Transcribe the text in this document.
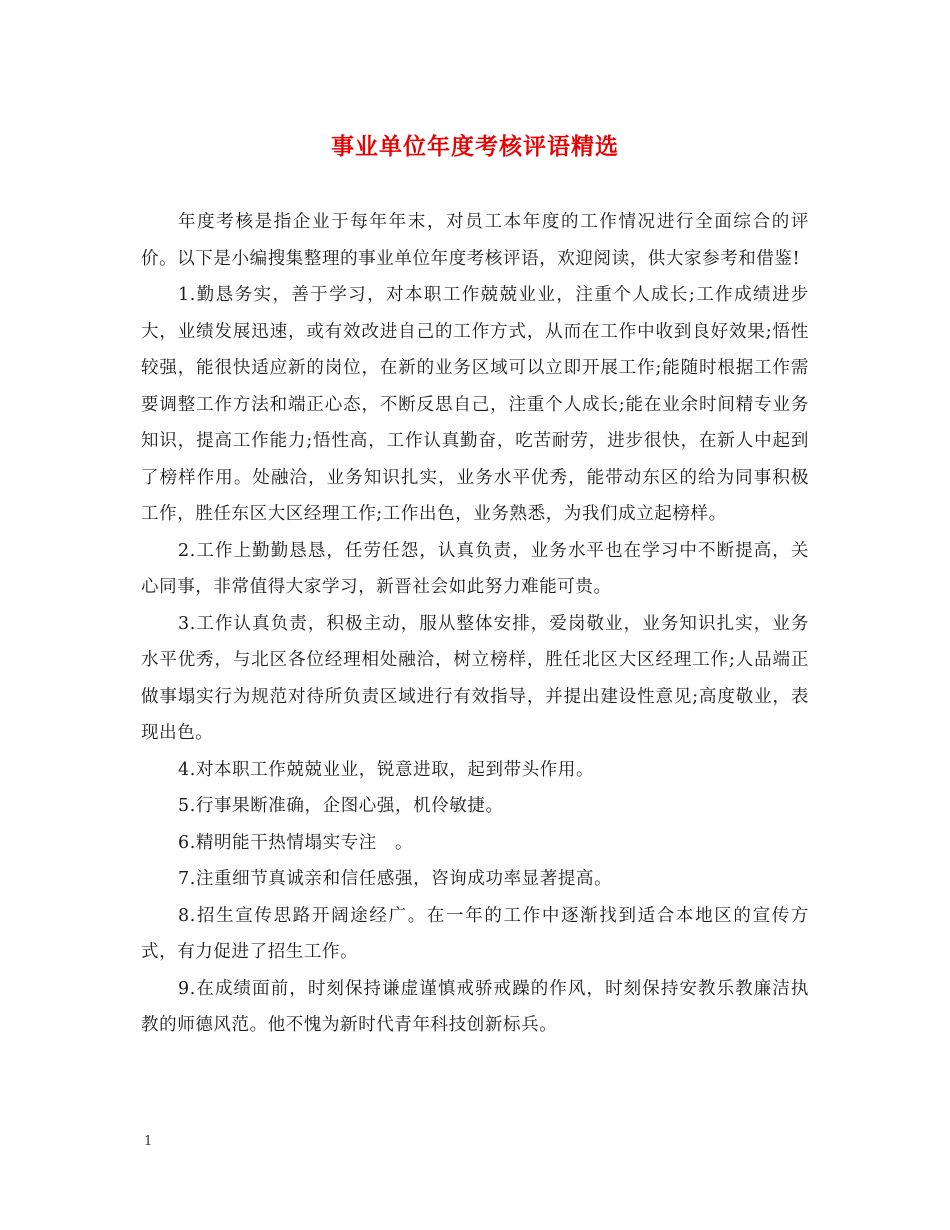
事业单位年度考核评语精选

年度考核是指企业于每年年末，对员工本年度的工作情况进行全面综合的评价。以下是小编搜集整理的事业单位年度考核评语，欢迎阅读，供大家参考和借鉴!

1.勤恳务实，善于学习，对本职工作兢兢业业，注重个人成长;工作成绩进步大，业绩发展迅速，或有效改进自己的工作方式，从而在工作中收到良好效果;悟性较强，能很快适应新的岗位，在新的业务区域可以立即开展工作;能随时根据工作需要调整工作方法和端正心态，不断反思自己，注重个人成长;能在业余时间精专业务知识，提高工作能力;悟性高，工作认真勤奋，吃苦耐劳，进步很快，在新人中起到了榜样作用。处融洽，业务知识扎实，业务水平优秀，能带动东区的给为同事积极工作，胜任东区大区经理工作;工作出色，业务熟悉，为我们成立起榜样。

2.工作上勤勤恳恳，任劳任怨，认真负责，业务水平也在学习中不断提高，关心同事，非常值得大家学习，新晋社会如此努力难能可贵。

3.工作认真负责，积极主动，服从整体安排，爱岗敬业，业务知识扎实，业务水平优秀，与北区各位经理相处融洽，树立榜样，胜任北区大区经理工作;人品端正做事塌实行为规范对待所负责区域进行有效指导，并提出建设性意见;高度敬业，表现出色。

4.对本职工作兢兢业业，锐意进取，起到带头作用。

5.行事果断准确，企图心强，机伶敏捷。

6.精明能干热情塌实专注　。

7.注重细节真诚亲和信任感强，咨询成功率显著提高。

8.招生宣传思路开阔途经广。在一年的工作中逐渐找到适合本地区的宣传方式，有力促进了招生工作。

9.在成绩面前，时刻保持谦虚谨慎戒骄戒躁的作风，时刻保持安教乐教廉洁执教的师德风范。他不愧为新时代青年科技创新标兵。

1
